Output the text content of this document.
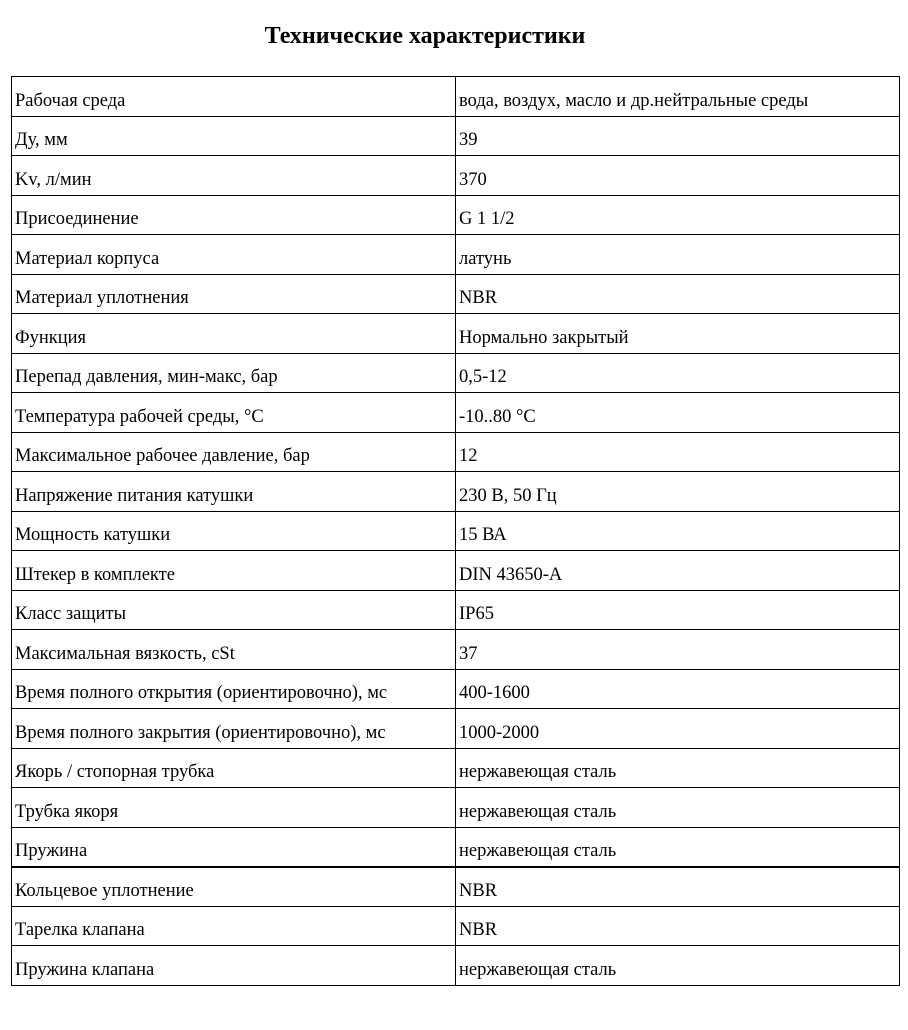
Технические характеристики
Рабочая среда	вода, воздух, масло и др.нейтральные среды
Ду, мм	39
Kv, л/мин	370
Присоединение	G 1 1/2
Материал корпуса	латунь
Материал уплотнения	NBR
Функция	Нормально закрытый
Перепад давления, мин-макс, бар	0,5-12
Температура рабочей среды, °C	-10..80 °C
Максимальное рабочее давление, бар	12
Напряжение питания катушки	230 В, 50 Гц
Мощность катушки	15 ВА
Штекер в комплекте	DIN 43650-A
Класс защиты	IP65
Максимальная вязкость, cSt	37
Время полного открытия (ориентировочно), мс	400-1600
Время полного закрытия (ориентировочно), мс	1000-2000
Якорь / стопорная трубка	нержавеющая сталь
Трубка якоря	нержавеющая сталь
Пружина	нержавеющая сталь
Кольцевое уплотнение	NBR
Тарелка клапана	NBR
Пружина клапана	нержавеющая сталь
